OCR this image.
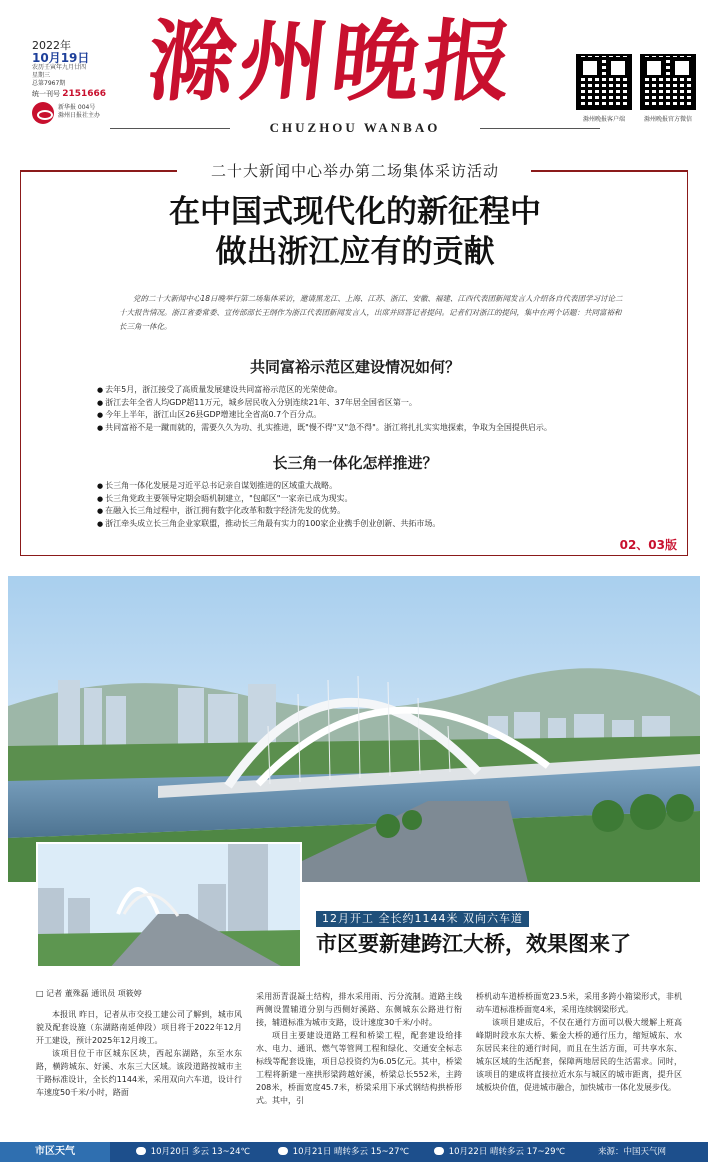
2022年
10月19日
农历壬寅年九月廿四
星期三
总第7967期
统一刊号 2151666
新华报 004号
滁州日报社主办
滁州晚报
CHUZHOU WANBAO
滁州晚报客户端	滁州晚报官方微信
二十大新闻中心举办第二场集体采访活动
在中国式现代化的新征程中
做出浙江应有的贡献

党的二十大新闻中心18日晚举行第二场集体采访，邀请黑龙江、上海、江苏、浙江、安徽、福建、江西代表团新闻发言人介绍各自代表团学习讨论二十大报告情况。浙江省委常委、宣传部部长王纲作为浙江代表团新闻发言人，出席并回答记者提问。记者们对浙江的提问，集中在两个话题：共同富裕和长三角一体化。

共同富裕示范区建设情况如何？
● 去年5月，浙江接受了高质量发展建设共同富裕示范区的光荣使命。
● 浙江去年全省人均GDP超11万元，城乡居民收入分别连续21年、37年居全国省区第一。
● 今年上半年，浙江山区26县GDP增速比全省高0.7个百分点。
● 共同富裕不是一蹴而就的，需要久久为功、扎实推进，既"慢不得"又"急不得"。浙江将扎扎实实地探索，争取为全国提供启示。
长三角一体化怎样推进？
● 长三角一体化发展是习近平总书记亲自谋划推进的区域重大战略。
● 长三角党政主要领导定期会晤机制建立，"包邮区"一家亲已成为现实。
● 在融入长三角过程中，浙江拥有数字化改革和数字经济先发的优势。
● 浙江牵头成立长三角企业家联盟，推动长三角最有实力的100家企业携手创业创新、共拓市场。
02、03版
12月开工 全长约1144米 双向六车道
市区要新建跨江大桥，效果图来了
□ 记者 董殊磊 通讯员 项筱婷

本报讯 昨日，记者从市交投工建公司了解到，城市风貌及配套设施（东湖路南延伸段）项目将于2022年12月开工建设，预计2025年12月竣工。

该项目位于市区城东区块，西起东湖路，东至水东路，横跨城东、好溪、水东三大区域。该段道路按城市主干路标准设计，全长约1144米，采用双向六车道，设计行车速度50千米/小时，路面

采用沥青混凝土结构，排水采用雨、污分流制。道路主线两侧设置辅道分别与西侧好溪路、东侧城东公路进行衔接，辅道标准为城市支路，设计速度30千米/小时。

项目主要建设道路工程和桥梁工程，配套建设给排水、电力、通讯、燃气等管网工程和绿化、交通安全标志标线等配套设施，项目总投资约为6.05亿元。其中，桥梁工程将新建一座拱形梁跨越好溪，桥梁总长552米，主跨208米，桥面宽度45.7米，桥梁采用下承式钢结构拱桥形式。其中，引

桥机动车道桥桥面宽23.5米，采用多跨小箱梁形式，非机动车道标准桥面宽4米，采用连续钢梁形式。

该项目建成后，不仅在通行方面可以极大缓解上班高峰期时段水东大桥、紫金大桥的通行压力，缩短城东、水东居民来往的通行时间，而且在生活方面，可共享水东、城东区域的生活配套，保障两地居民的生活需求。同时，该项目的建成将直接拉近水东与城区的城市距离，提升区域板块价值，促进城市融合，加快城市一体化发展步伐。

市区天气	10月20日 多云 13~24℃	10月21日 晴转多云 15~27℃	10月22日 晴转多云 17~29℃	来源：中国天气网
